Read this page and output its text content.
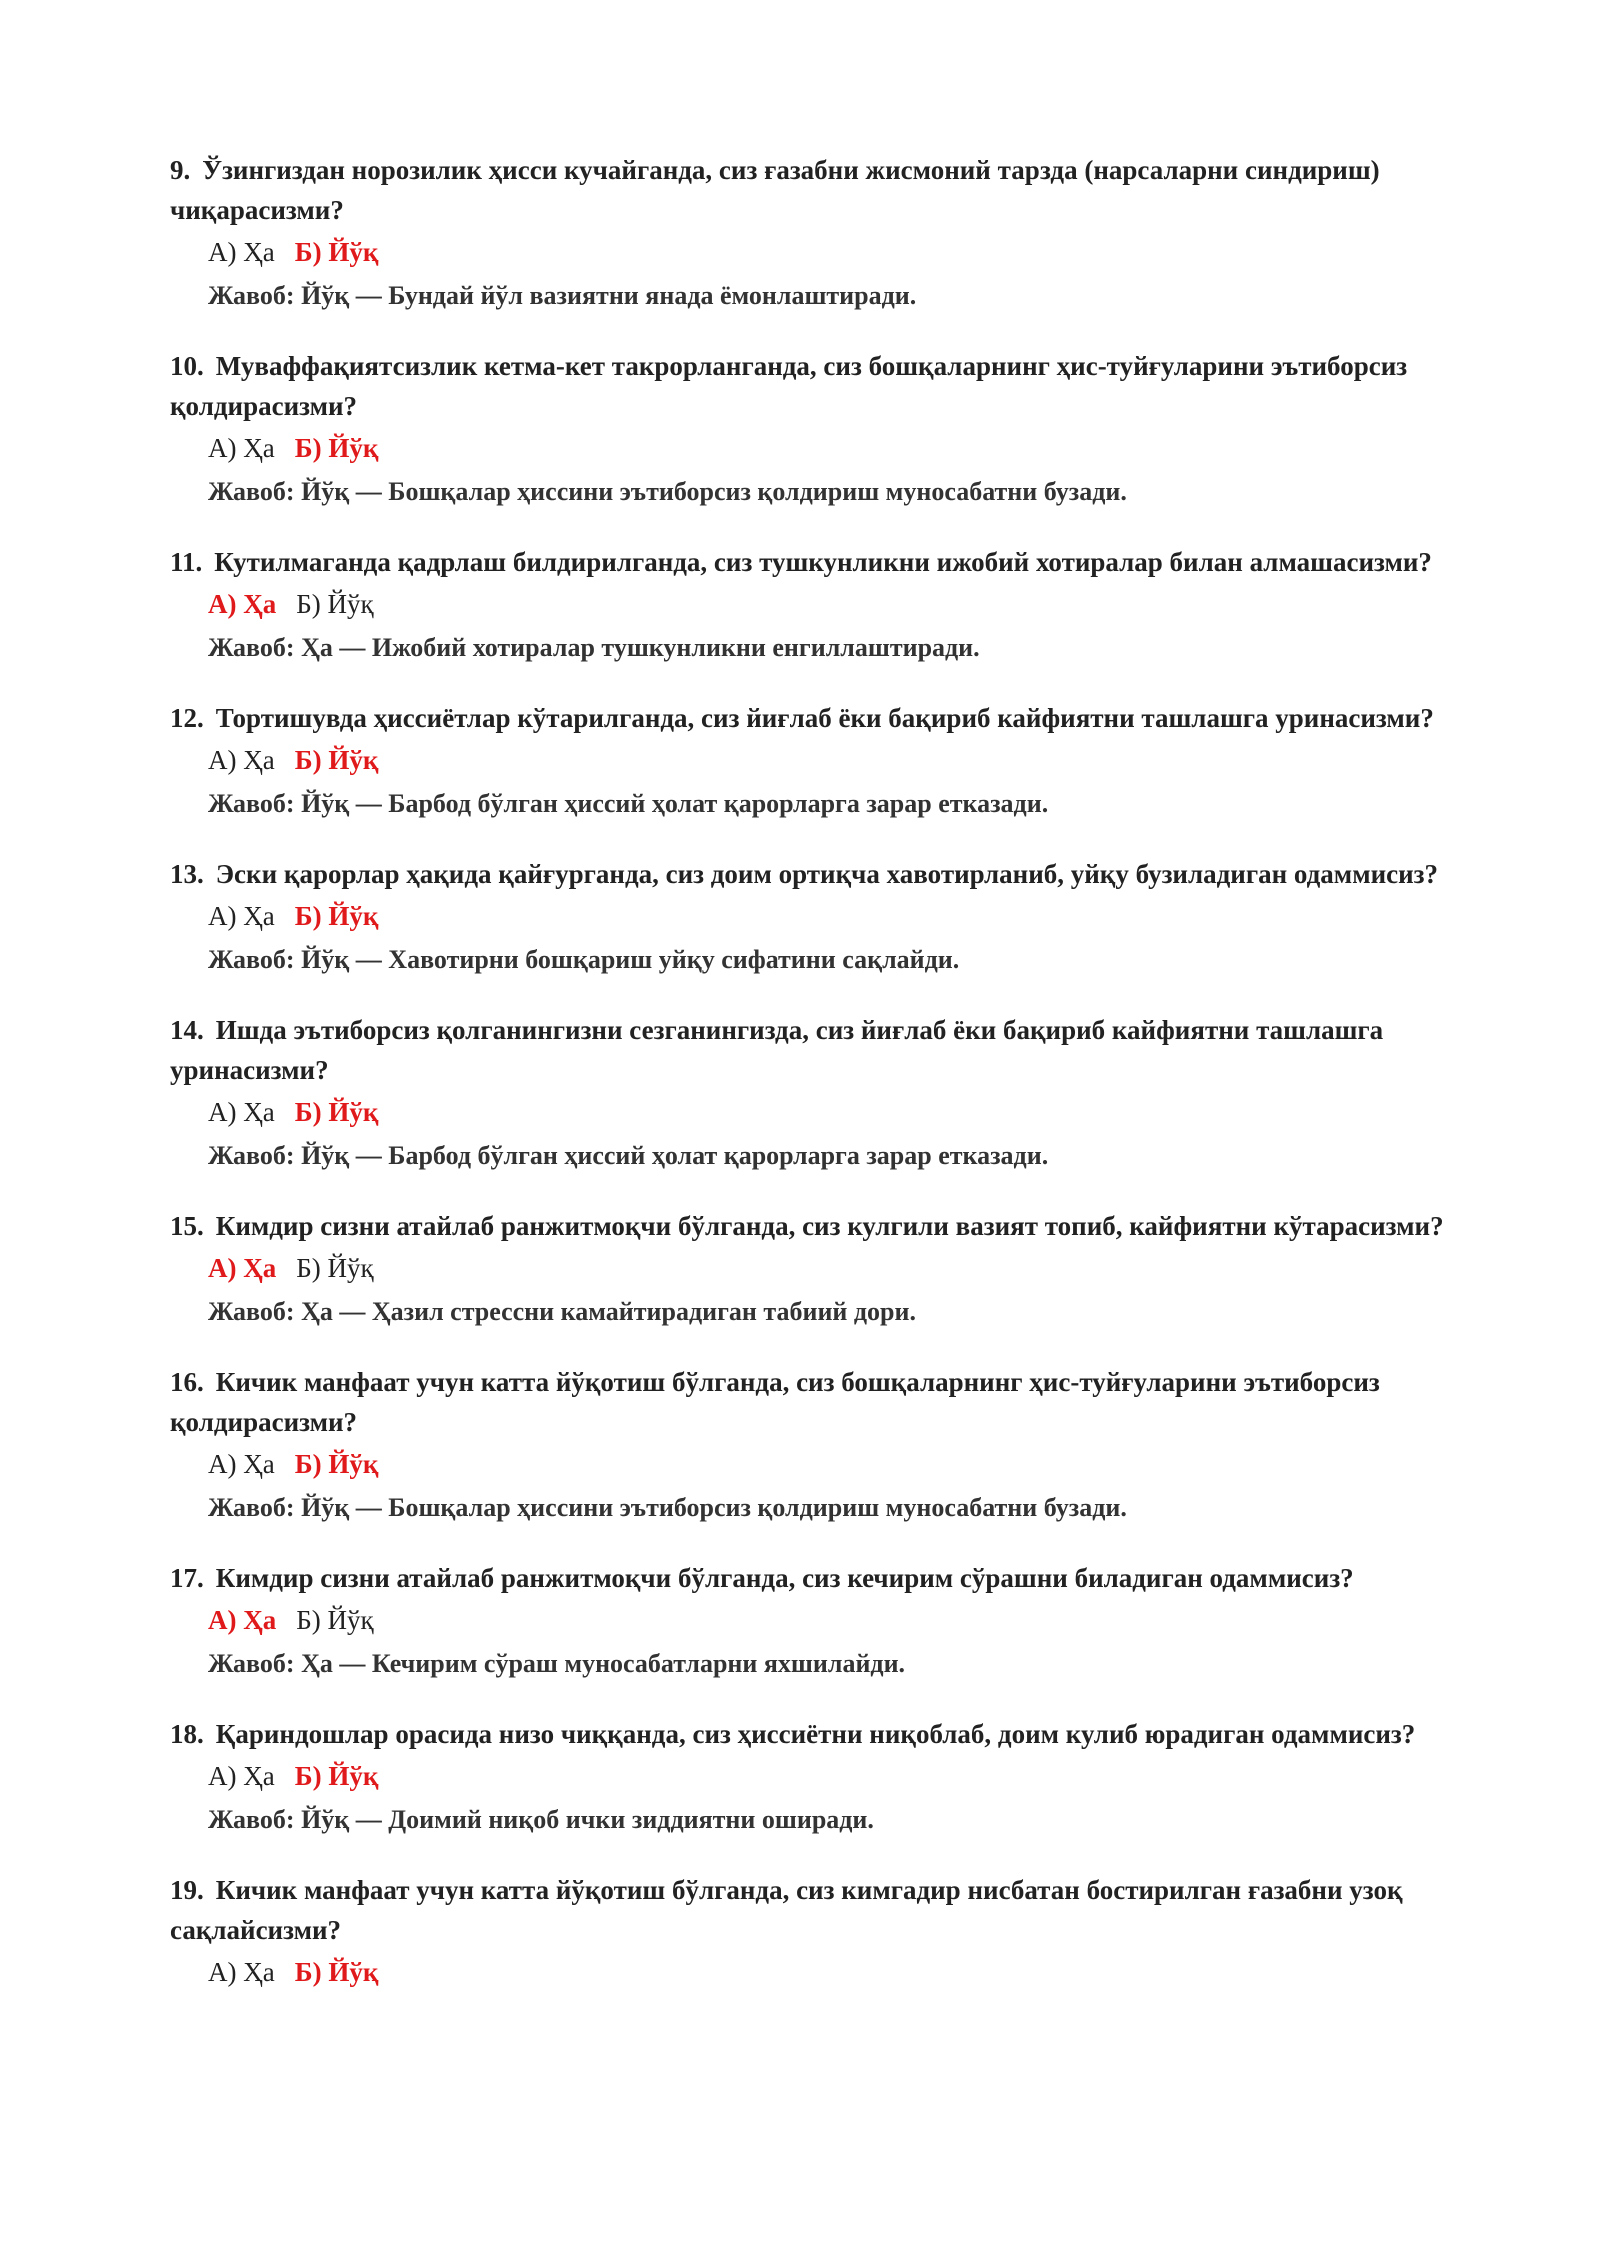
9. Ўзингиздан норозилик ҳисси кучайганда, сиз ғазабни жисмоний тарзда (нарсаларни синдириш) чиқарасизми?
А) Ҳа Б) Йўқ
Жавоб: Йўқ — Бундай йўл вазиятни янада ёмонлаштиради.
10. Муваффақиятсизлик кетма-кет такрорланганда, сиз бошқаларнинг ҳис-туйғуларини эътиборсиз қолдирасизми?
А) Ҳа Б) Йўқ
Жавоб: Йўқ — Бошқалар ҳиссини эътиборсиз қолдириш муносабатни бузади.
11. Кутилмаганда қадрлаш билдирилганда, сиз тушкунликни ижобий хотиралар билан алмашасизми?
А) Ҳа Б) Йўқ
Жавоб: Ҳа — Ижобий хотиралар тушкунликни енгиллаштиради.
12. Тортишувда ҳиссиётлар кўтарилганда, сиз йиғлаб ёки бақириб кайфиятни ташлашга уринасизми?
А) Ҳа Б) Йўқ
Жавоб: Йўқ — Барбод бўлган ҳиссий ҳолат қарорларга зарар етказади.
13. Эски қарорлар ҳақида қайғурганда, сиз доим ортиқча хавотирланиб, уйқу бузиладиган одаммисиз?
А) Ҳа Б) Йўқ
Жавоб: Йўқ — Хавотирни бошқариш уйқу сифатини сақлайди.
14. Ишда эътиборсиз қолганингизни сезганингизда, сиз йиғлаб ёки бақириб кайфиятни ташлашга уринасизми?
А) Ҳа Б) Йўқ
Жавоб: Йўқ — Барбод бўлган ҳиссий ҳолат қарорларга зарар етказади.
15. Кимдир сизни атайлаб ранжитмоқчи бўлганда, сиз кулгили вазият топиб, кайфиятни кўтарасизми?
А) Ҳа Б) Йўқ
Жавоб: Ҳа — Ҳазил стрессни камайтирадиган табиий дори.
16. Кичик манфаат учун катта йўқотиш бўлганда, сиз бошқаларнинг ҳис-туйғуларини эътиборсиз қолдирасизми?
А) Ҳа Б) Йўқ
Жавоб: Йўқ — Бошқалар ҳиссини эътиборсиз қолдириш муносабатни бузади.
17. Кимдир сизни атайлаб ранжитмоқчи бўлганда, сиз кечирим сўрашни биладиган одаммисиз?
А) Ҳа Б) Йўқ
Жавоб: Ҳа — Кечирим сўраш муносабатларни яхшилайди.
18. Қариндошлар орасида низо чиққанда, сиз ҳиссиётни ниқоблаб, доим кулиб юрадиган одаммисиз?
А) Ҳа Б) Йўқ
Жавоб: Йўқ — Доимий ниқоб ички зиддиятни оширади.
19. Кичик манфаат учун катта йўқотиш бўлганда, сиз кимгадир нисбатан бостирилган ғазабни узоқ сақлайсизми?
А) Ҳа Б) Йўқ
